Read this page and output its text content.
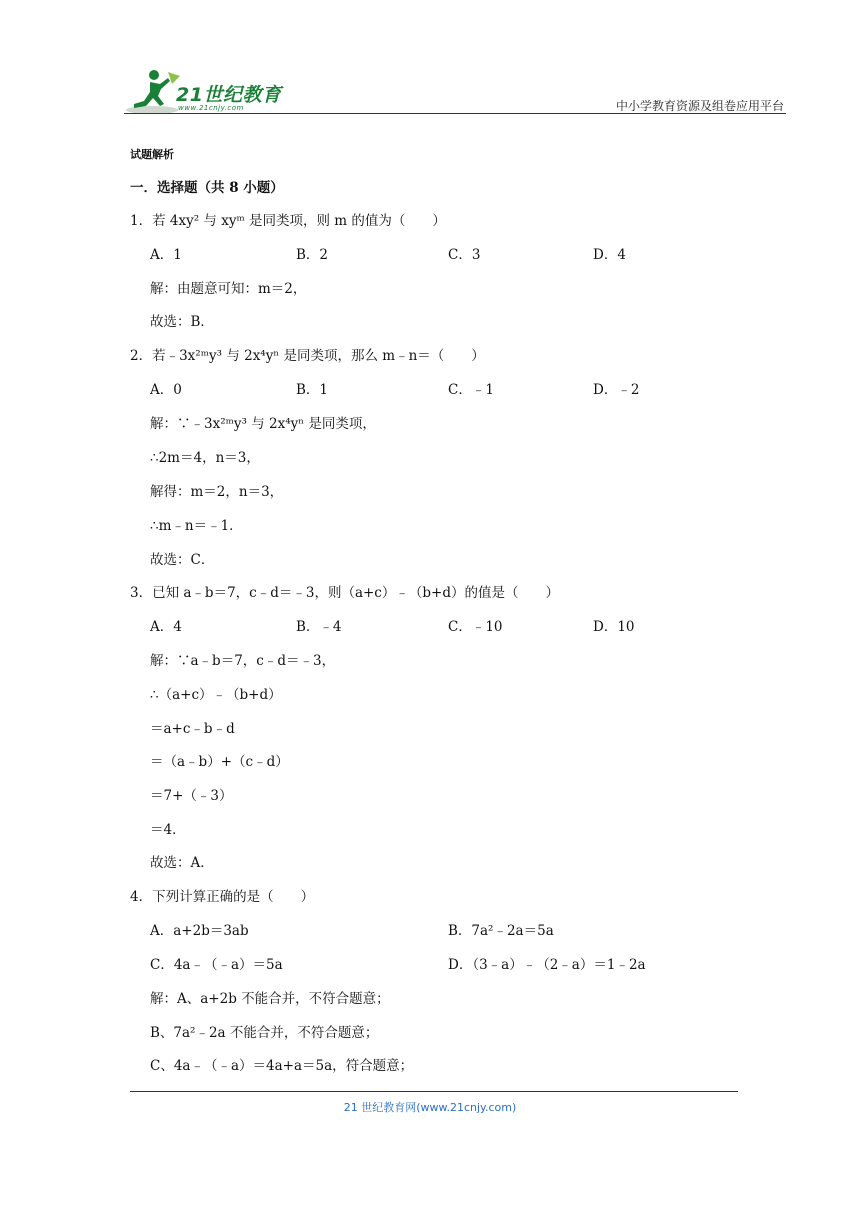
21世纪教育
www.21cnjy.com	中小学教育资源及组卷应用平台
试题解析
一．选择题（共 8 小题）
1．若 4xy² 与 xyᵐ 是同类项，则 m 的值为（　　）
A．1	B．2	C．3	D．4
解：由题意可知：m＝2，
故选：B．
2．若﹣3x²ᵐy³ 与 2x⁴yⁿ 是同类项，那么 m﹣n＝（　　）
A．0	B．1	C．﹣1	D．﹣2
解：∵﹣3x²ᵐy³ 与 2x⁴yⁿ 是同类项，
∴2m＝4，n＝3，
解得：m＝2，n＝3，
∴m﹣n＝﹣1．
故选：C．
3．已知 a﹣b＝7，c﹣d＝﹣3，则（a+c）﹣（b+d）的值是（　　）
A．4	B．﹣4	C．﹣10	D．10
解：∵a﹣b＝7，c﹣d＝﹣3，
∴（a+c）﹣（b+d）
＝a+c﹣b﹣d
＝（a﹣b）+（c﹣d）
＝7+（﹣3）
＝4．
故选：A．
4．下列计算正确的是（　　）
A．a+2b＝3ab	B．7a²﹣2a＝5a
C．4a﹣（﹣a）＝5a	D．（3﹣a）﹣（2﹣a）＝1﹣2a
解：A、a+2b 不能合并，不符合题意；
B、7a²﹣2a 不能合并，不符合题意；
C、4a﹣（﹣a）＝4a+a＝5a，符合题意；
21 世纪教育网(www.21cnjy.com)
